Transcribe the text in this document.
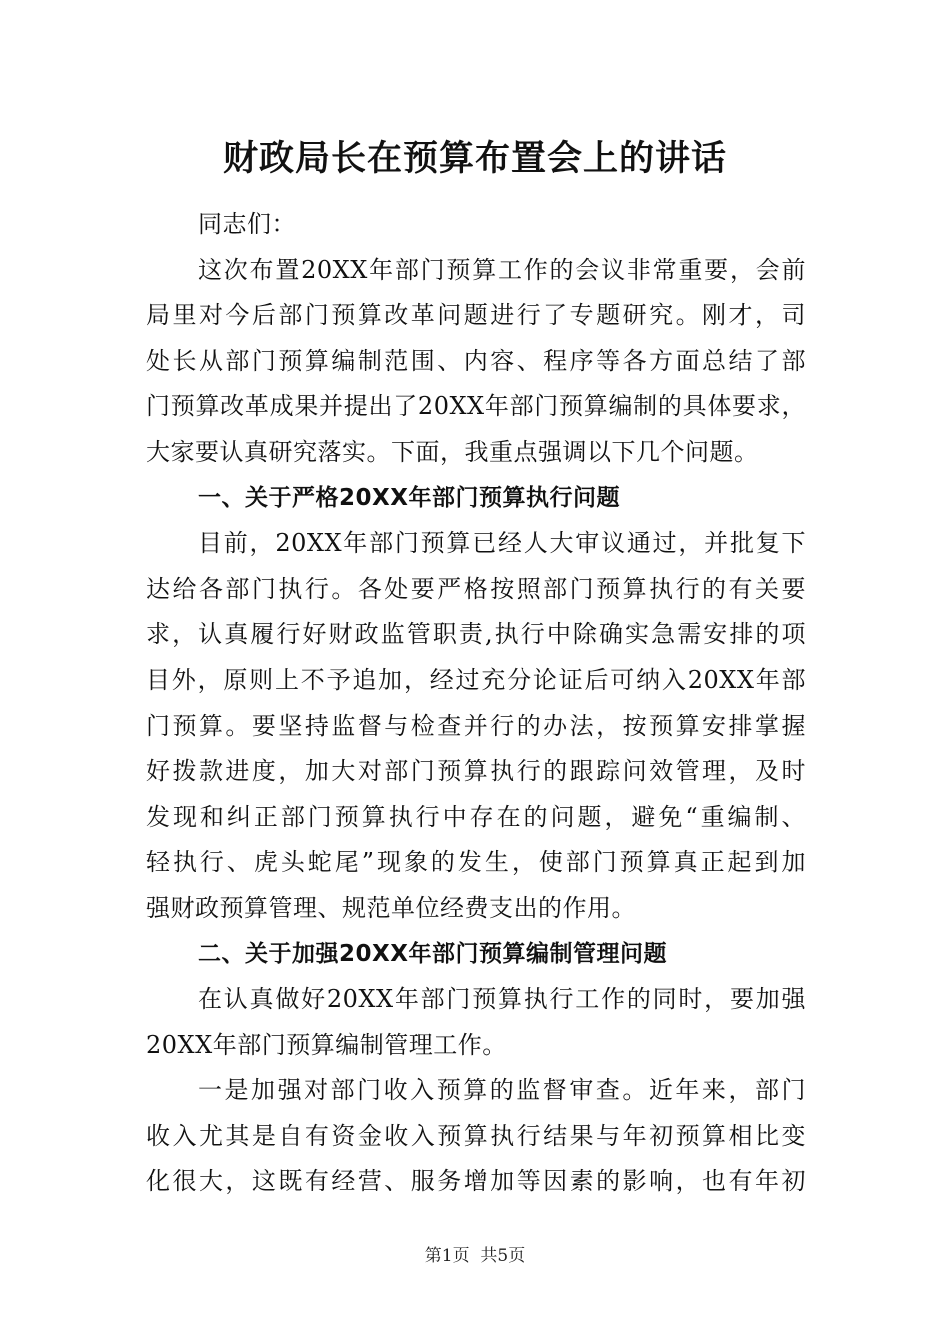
财政局长在预算布置会上的讲话
同志们：
这次布置20XX年部门预算工作的会议非常重要，会前
局里对今后部门预算改革问题进行了专题研究。刚才，司
处长从部门预算编制范围、内容、程序等各方面总结了部
门预算改革成果并提出了20XX年部门预算编制的具体要求，
大家要认真研究落实。下面，我重点强调以下几个问题。
一、关于严格20XX年部门预算执行问题
目前，20XX年部门预算已经人大审议通过，并批复下
达给各部门执行。各处要严格按照部门预算执行的有关要
求，认真履行好财政监管职责,执行中除确实急需安排的项
目外，原则上不予追加，经过充分论证后可纳入20XX年部
门预算。要坚持监督与检查并行的办法，按预算安排掌握
好拨款进度，加大对部门预算执行的跟踪问效管理，及时
发现和纠正部门预算执行中存在的问题，避免“重编制、
轻执行、虎头蛇尾”现象的发生，使部门预算真正起到加
强财政预算管理、规范单位经费支出的作用。
二、关于加强20XX年部门预算编制管理问题
在认真做好20XX年部门预算执行工作的同时，要加强
20XX年部门预算编制管理工作。
一是加强对部门收入预算的监督审查。近年来，部门
收入尤其是自有资金收入预算执行结果与年初预算相比变
化很大，这既有经营、服务增加等因素的影响，也有年初
第1页  共5页
